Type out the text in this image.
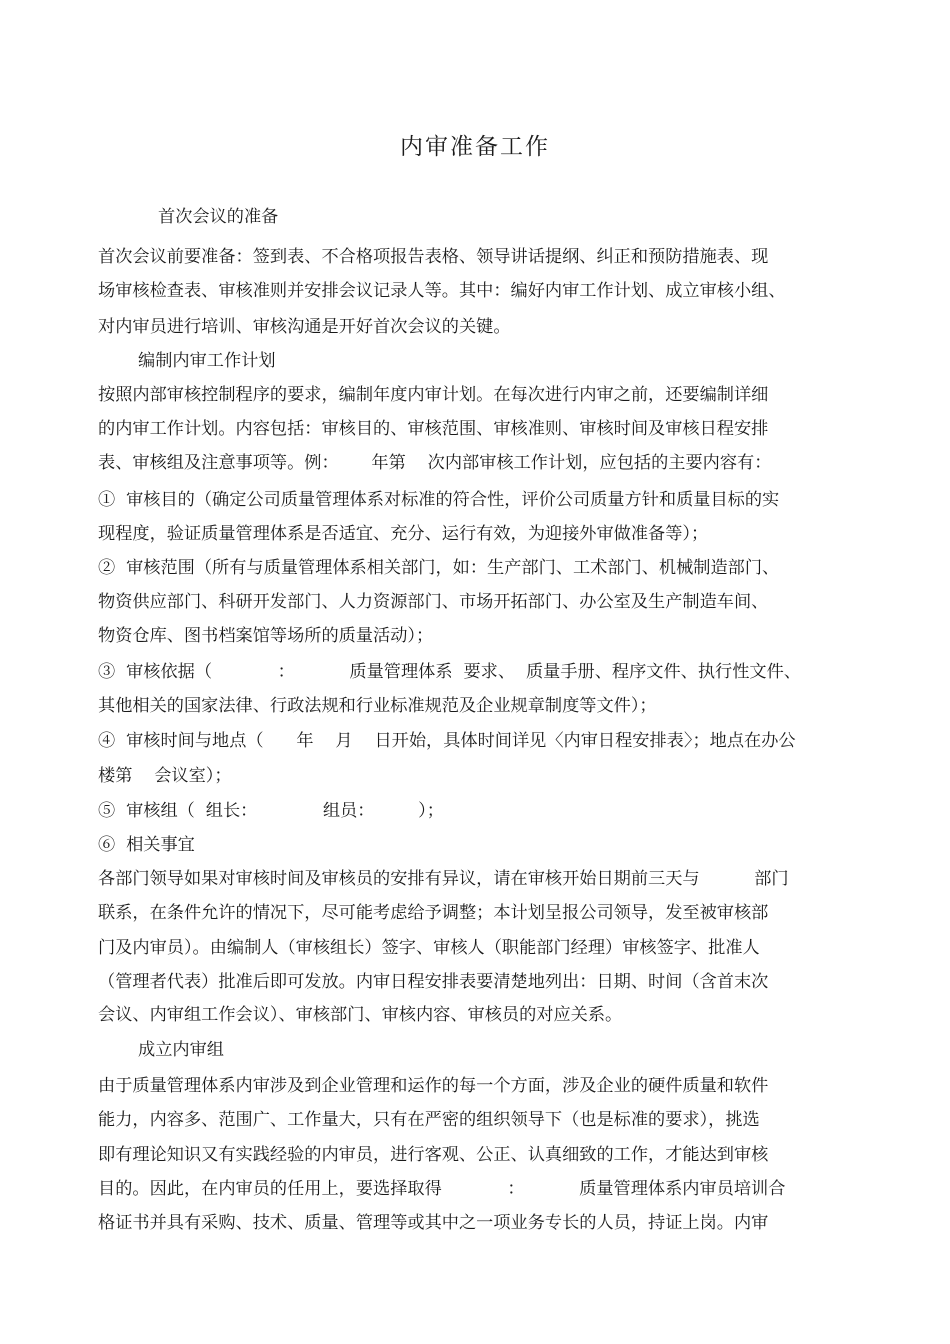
内审准备工作
首次会议的准备
首次会议前要准备：签到表、不合格项报告表格、领导讲话提纲、纠正和预防措施表、现
场审核检查表、审核准则并安排会议记录人等。其中：编好内审工作计划、成立审核小组、
对内审员进行培训、审核沟通是开好首次会议的关键。
编制内审工作计划
按照内部审核控制程序的要求，编制年度内审计划。在每次进行内审之前，还要编制详细
的内审工作计划。内容包括：审核目的、审核范围、审核准则、审核时间及审核日程安排
表、审核组及注意事项等。例：      年第    次内部审核工作计划，应包括的主要内容有：
①  审核目的（确定公司质量管理体系对标准的符合性，评价公司质量方针和质量目标的实
现程度，验证质量管理体系是否适宜、充分、运行有效，为迎接外审做准备等）；
②  审核范围（所有与质量管理体系相关部门，如：生产部门、工术部门、机械制造部门、
物资供应部门、科研开发部门、人力资源部门、市场开拓部门、办公室及生产制造车间、
物资仓库、图书档案馆等场所的质量活动）；
③  审核依据（            ：          质量管理体系  要求、  质量手册、程序文件、执行性文件、
其他相关的国家法律、行政法规和行业标准规范及企业规章制度等文件）；
④  审核时间与地点（      年    月    日开始，具体时间详见〈内审日程安排表〉；地点在办公
楼第    会议室）；
⑤  审核组（  组长：            组员：        ）；
⑥  相关事宜
各部门领导如果对审核时间及审核员的安排有异议，请在审核开始日期前三天与          部门
联系，在条件允许的情况下，尽可能考虑给予调整；本计划呈报公司领导，发至被审核部
门及内审员）。由编制人（审核组长）签字、审核人（职能部门经理）审核签字、批准人
（管理者代表）批准后即可发放。内审日程安排表要清楚地列出：日期、时间（含首末次
会议、内审组工作会议）、审核部门、审核内容、审核员的对应关系。
成立内审组
由于质量管理体系内审涉及到企业管理和运作的每一个方面，涉及企业的硬件质量和软件
能力，内容多、范围广、工作量大，只有在严密的组织领导下（也是标准的要求），挑选
即有理论知识又有实践经验的内审员，进行客观、公正、认真细致的工作，才能达到审核
目的。因此，在内审员的任用上，要选择取得            ：          质量管理体系内审员培训合
格证书并具有采购、技术、质量、管理等或其中之一项业务专长的人员，持证上岗。内审
